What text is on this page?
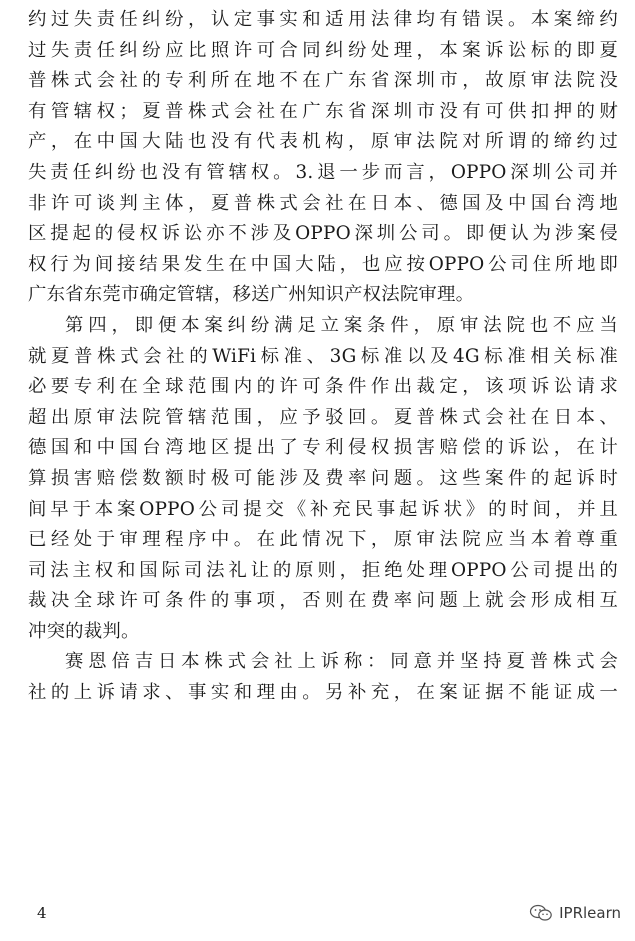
约过失责任纠纷，认定事实和适用法律均有错误。本案缔约
过失责任纠纷应比照许可合同纠纷处理，本案诉讼标的即夏
普株式会社的专利所在地不在广东省深圳市，故原审法院没
有管辖权；夏普株式会社在广东省深圳市没有可供扣押的财
产，在中国大陆也没有代表机构，原审法院对所谓的缔约过
失责任纠纷也没有管辖权。3.退一步而言，OPPO深圳公司并
非许可谈判主体，夏普株式会社在日本、德国及中国台湾地
区提起的侵权诉讼亦不涉及OPPO深圳公司。即便认为涉案侵
权行为间接结果发生在中国大陆，也应按OPPO公司住所地即
广东省东莞市确定管辖，移送广州知识产权法院审理。
第四，即便本案纠纷满足立案条件，原审法院也不应当
就夏普株式会社的WiFi标准、3G标准以及4G标准相关标准
必要专利在全球范围内的许可条件作出裁定，该项诉讼请求
超出原审法院管辖范围，应予驳回。夏普株式会社在日本、
德国和中国台湾地区提出了专利侵权损害赔偿的诉讼，在计
算损害赔偿数额时极可能涉及费率问题。这些案件的起诉时
间早于本案OPPO公司提交《补充民事起诉状》的时间，并且
已经处于审理程序中。在此情况下，原审法院应当本着尊重
司法主权和国际司法礼让的原则，拒绝处理OPPO公司提出的
裁决全球许可条件的事项，否则在费率问题上就会形成相互
冲突的裁判。
赛恩倍吉日本株式会社上诉称：同意并坚持夏普株式会
社的上诉请求、事实和理由。另补充，在案证据不能证成一
4	IPRlearn
